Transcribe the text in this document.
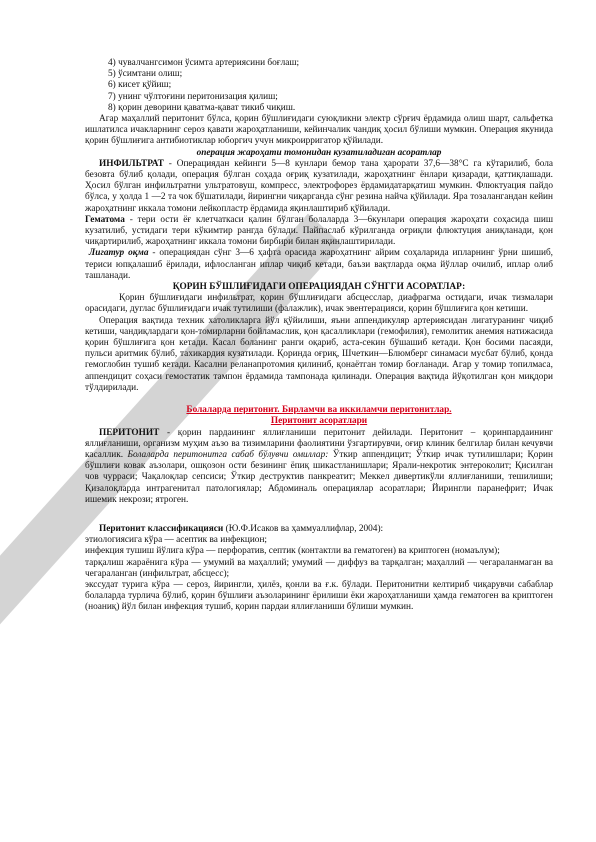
4) чувалчангсимон ўсимта артериясини боғлаш;

5) ўсимтани олиш;

6) кисет қўйиш;

7) унинг чўлтоғини перитонизация қилиш;

8) қорин деворини қаватма-қават тикиб чиқиш.

Агар маҳаллий перитонит бўлса, қорин бўшлиғидаги суюқликни электр сўрғич ёрдамида олиш шарт, сальфетка ишлатилса ичакларнинг сероз қавати жароҳатланиши, кейинчалик чандиқ ҳосил бўлиши мумкин. Операция якунида қорин бўшлиғига антибиотиклар юборгич учун микроирригатор қўйилади.

операция жароҳати томонидан кузатиладиган асоратлар

ИНФИЛЬТРАТ - Операциядан кейинги 5—8 кунлари бемор тана ҳарорати 37,6—38°С га кўтарилиб, бола безовта бўлиб қолади, операция бўлган соҳада оғриқ кузатилади, жароҳатнинг ёнлари қизаради, қаттиқлашади. Ҳосил бўлган инфильтратни ультратовуш, компресс, электрофорез ёрдамидатарқатиш мумкин. Флюктуация пайдо бўлса, у ҳолда 1 —2 та чок бўшатилади, йирингни чиқарганда сўнг резина найча қўйилади. Яра тозалангандан кейин жароҳатнинг иккала томони лейкопластр ёрдамида яқинлаштириб қўйилади.

Гематома - тери ости ёғ клетчаткаси қалин бўлган болаларда 3—6кунлари операция жароҳати соҳасида шиш кузатилиб, устидаги тери кўкимтир рангда бўлади. Пайпаслаб кўрилганда оғриқли флюктуция аниқланади, қон чиқартирилиб, жароҳатнинг иккала томони бирбири билан яқинлаштирилади.

Лигатур оқма - операциядан сўнг 3—6 ҳафта орасида жароҳатнинг айрим соҳаларида ипларнинг ўрни шишиб, териси юпқалашиб ёрилади, ифлосланган иплар чиқиб кетади, баъзи вақтларда оқма йўллар очилиб, иплар олиб ташланади.

ҚОРИН БЎШЛИҒИДАГИ ОПЕРАЦИЯДАН СЎНГГИ АСОРАТЛАР:

Қорин бўшлиғидаги инфильтрат, қорин бўшлиғидаги абсцесслар, диафрагма остидаги, ичак тизмалари орасидаги, дуглас бўшлиғидаги ичак тутилиши (фалажлик), ичак эвентерацияси, қорин бўшлиғига қон кетиши.

Операция вақтида техник хатоликларга йўл қўйилиши, яъни аппендикуляр артериясидан лигатуранинг чиқиб кетиши, чандиқлардаги қон-томирларни бойламаслик, қон қасалликлари (гемофилия), гемолитик анемия натижасида қорин бўшлиғига қон кетади. Касал боланинг ранги оқариб, аста-секин бўшашиб кетади. Қон босими пасаяди, пульси аритмик бўлиб, тахикардия кузатилади. Қоринда оғриқ, Шчеткин—Блюмберг синамаси мусбат бўлиб, қонда гемоглобин тушиб кетади. Касални реланапротомия қилиниб, қонаётган томир боғланади. Агар у томир топилмаса, аппендицит соҳаси гемостатик тампон ёрдамида тампонада қилинади. Операция вақтида йўқотилган қон миқдори тўлдирилади.

Болаларда перитонит. Бирламчи ва иккиламчи перитонитлар.

Перитонит асоратлари

ПЕРИТОНИТ - қорин пардаининг яллиғланиши перитонит дейилади. Перитонит – қоринпардаининг яллиғланиши, организм муҳим аъзо ва тизимларини фаолиятини ўзгартирувчи, оғир клиник белгилар билан кечувчи касаллик. Болаларда перитонитга сабаб бўлувчи омиллар: Ўткир аппендицит; Ўткир ичак тутилишлари; Қорин бўшлиғи ковак аъзолари, ошқозон ости безининг ёпиқ шикастланишлари; Ярали-некротик энтероколит; Қисилган чов чурраси; Чақалоқлар сепсиси; Ўткир деструктив панкреатит; Меккел дивертикўли яллиғланиши, тешилиши; Қизалоқларда интрагенитал патологиялар; Абдоминаль операциялар асоратлари; Йирингли паранефрит; Ичак ишемик некрози; ятроген.

Перитонит классификацияси (Ю.Ф.Исаков ва ҳаммуаллифлар, 2004):

этиологиясига кўра — асептик ва инфекцион;

инфекция тушиш йўлига кўра — перфоратив, септик (контактли ва гематоген) ва криптоген (номаълум);

тарқалиш жараёнига кўра — умумий ва маҳаллий; умумий — диффуз ва тарқалган; маҳаллий — чегараланмаган ва чегараланган (инфильтрат, абсцесс);

экссудат турига кўра — сероз, йирингли, ҳилёз, қонли ва ғ.к. бўлади. Перитонитни келтириб чиқарувчи сабаблар болаларда турлича бўлиб, қорин бўшлиғи аъзоларининг ёрилиши ёки жароҳатланиши ҳамда гематоген ва криптоген (ноаниқ) йўл билан инфекция тушиб, қорин пардаи яллиғланиши бўлиши мумкин.
